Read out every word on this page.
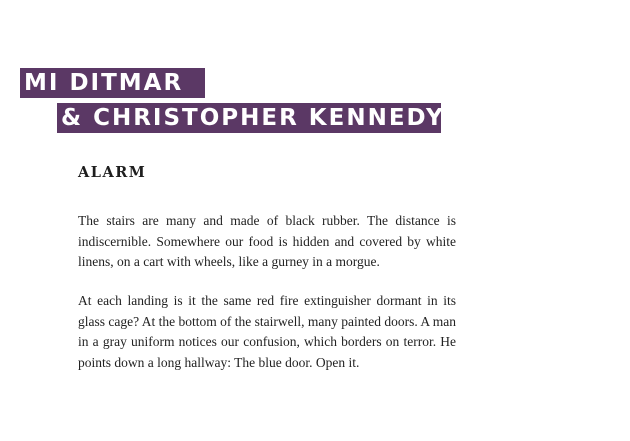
MI DITMAR
& CHRISTOPHER KENNEDY
ALARM

The stairs are many and made of black rubber. The distance is indiscernible. Somewhere our food is hidden and covered by white linens, on a cart with wheels, like a gurney in a morgue.

At each landing is it the same red fire extinguisher dormant in its glass cage? At the bottom of the stairwell, many painted doors. A man in a gray uniform notices our confusion, which borders on terror. He points down a long hallway: The blue door. Open it.
